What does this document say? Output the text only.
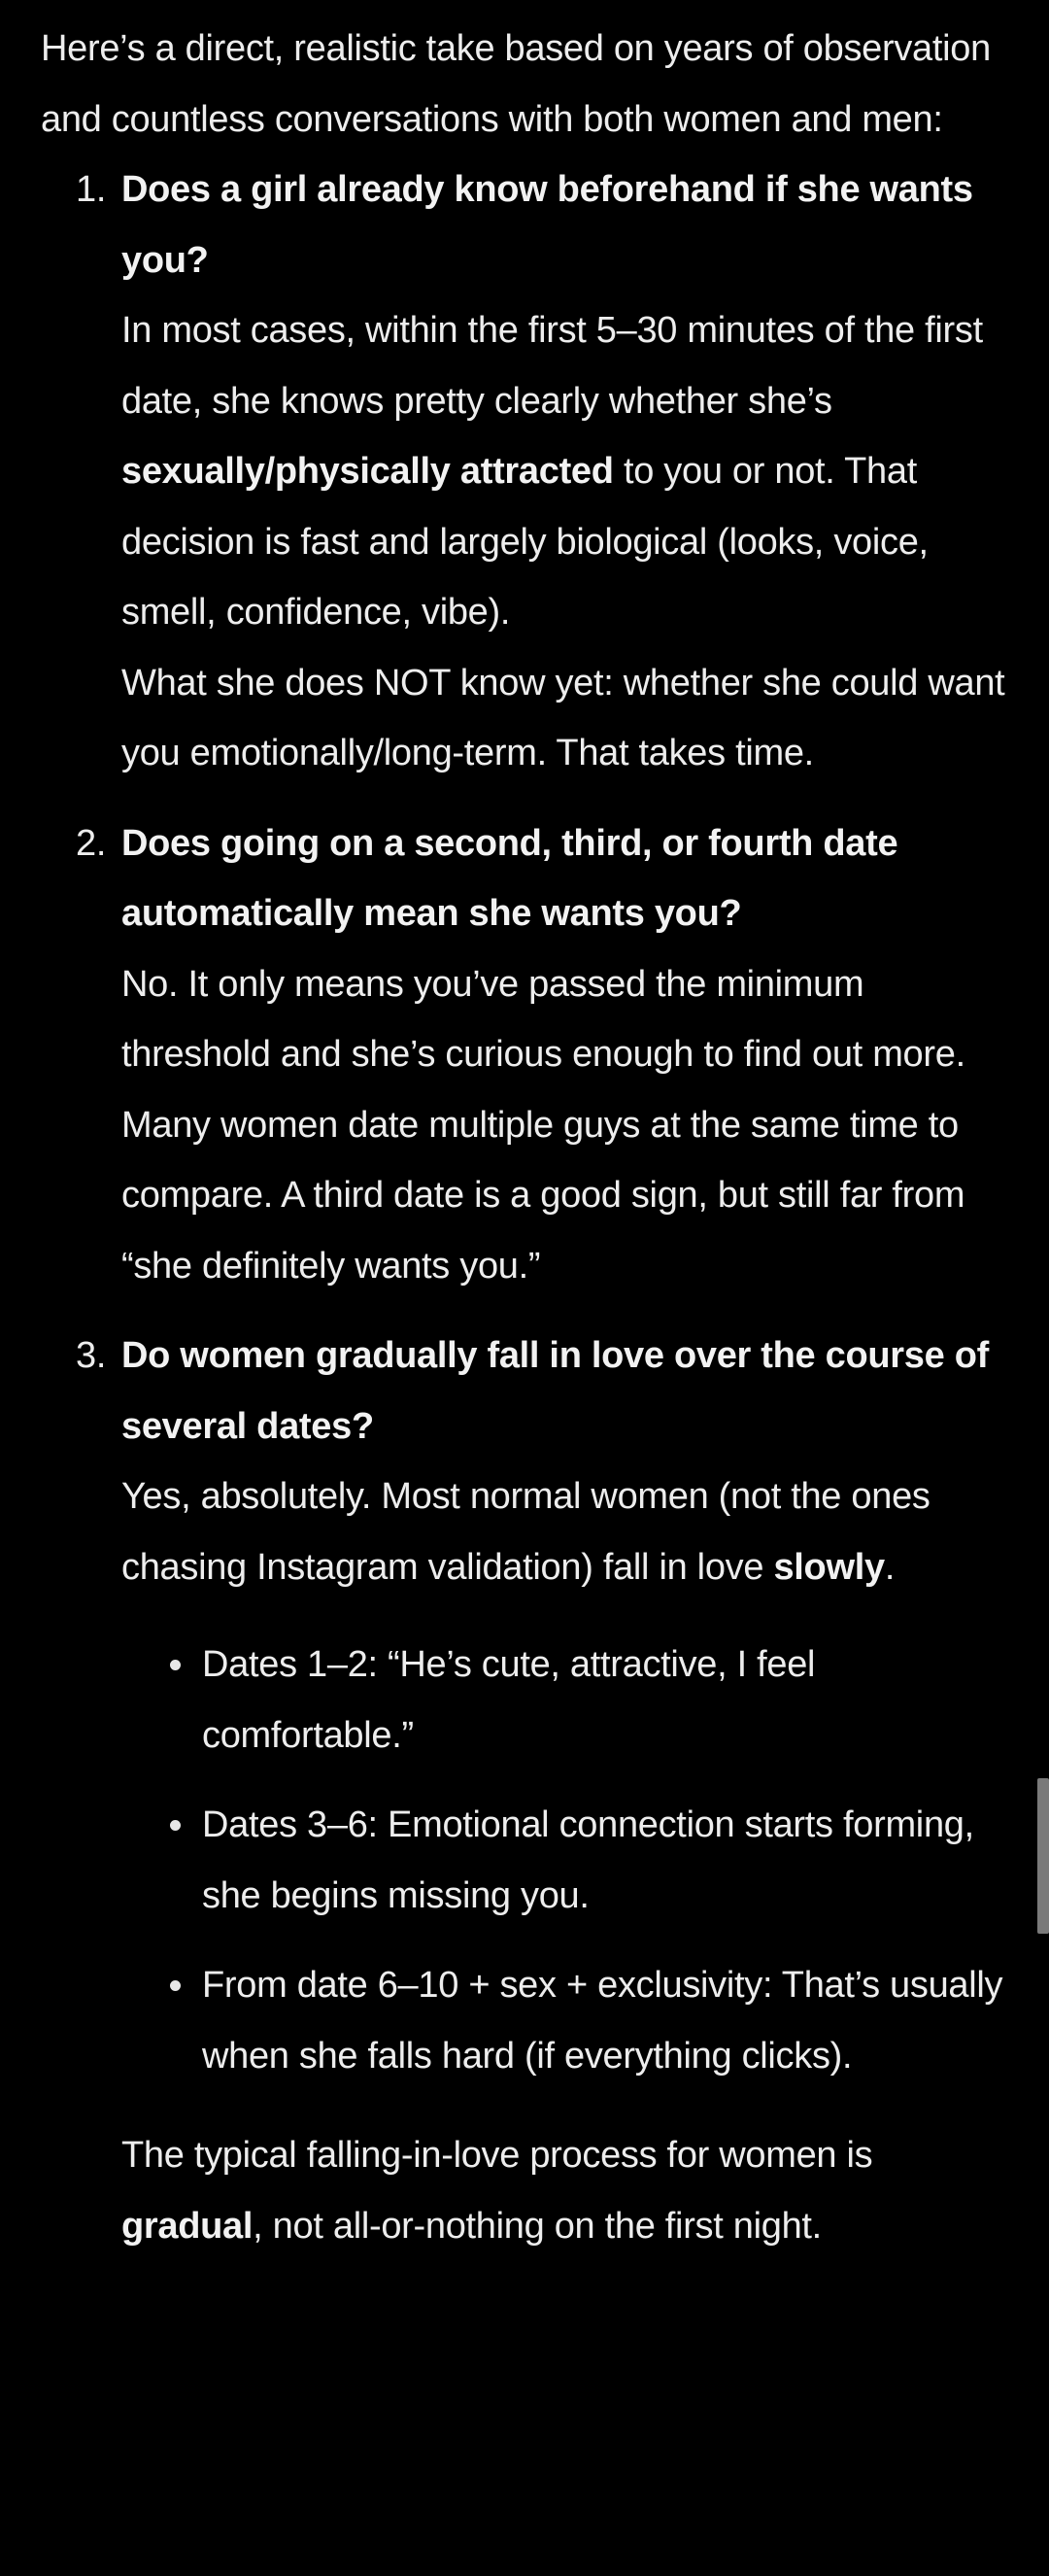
Here’s a direct, realistic take based on years of observation and countless conversations with both women and men:

1. Does a girl already know beforehand if she wants you?

In most cases, within the first 5–30 minutes of the first date, she knows pretty clearly whether she’s sexually/physically attracted to you or not. That decision is fast and largely biological (looks, voice, smell, confidence, vibe).

What she does NOT know yet: whether she could want you emotionally/long-term. That takes time.

2. Does going on a second, third, or fourth date automatically mean she wants you?

No. It only means you’ve passed the minimum threshold and she’s curious enough to find out more. Many women date multiple guys at the same time to compare. A third date is a good sign, but still far from “she definitely wants you.”

3. Do women gradually fall in love over the course of several dates?

Yes, absolutely. Most normal women (not the ones chasing Instagram validation) fall in love slowly.

Dates 1–2: “He’s cute, attractive, I feel comfortable.”
Dates 3–6: Emotional connection starts forming, she begins missing you.
From date 6–10 + sex + exclusivity: That’s usually when she falls hard (if everything clicks).

The typical falling-in-love process for women is gradual, not all-or-nothing on the first night.
